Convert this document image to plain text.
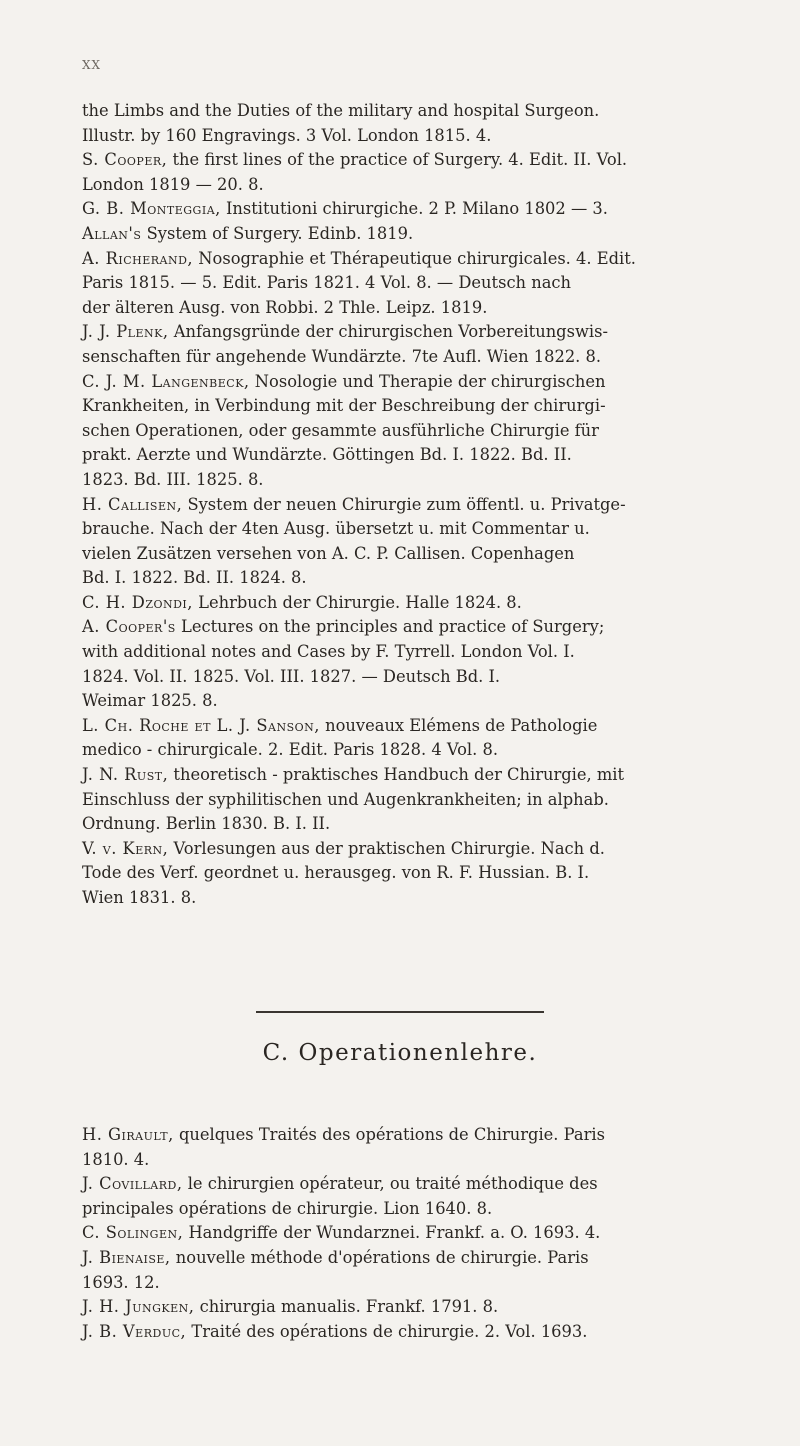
XX

the Limbs and the Duties of the military and hospital Surgeon.
Illustr. by 160 Engravings. 3 Vol. London 1815. 4.

S. Cooper, the first lines of the practice of Surgery. 4. Edit. II. Vol.
London 1819 — 20. 8.

G. B. Monteggia, Institutioni chirurgiche. 2 P. Milano 1802 — 3.

Allan's System of Surgery. Edinb. 1819.

A. Richerand, Nosographie et Thérapeutique chirurgicales. 4. Edit.
Paris 1815. — 5. Edit. Paris 1821. 4 Vol. 8. — Deutsch nach
der älteren Ausg. von Robbi. 2 Thle. Leipz. 1819.

J. J. Plenk, Anfangsgründe der chirurgischen Vorbereitungswis-
senschaften für angehende Wundärzte. 7te Aufl. Wien 1822. 8.

C. J. M. Langenbeck, Nosologie und Therapie der chirurgischen
Krankheiten, in Verbindung mit der Beschreibung der chirurgi-
schen Operationen, oder gesammte ausführliche Chirurgie für
prakt. Aerzte und Wundärzte. Göttingen Bd. I. 1822. Bd. II.
1823. Bd. III. 1825. 8.

H. Callisen, System der neuen Chirurgie zum öffentl. u. Privatge-
brauche. Nach der 4ten Ausg. übersetzt u. mit Commentar u.
vielen Zusätzen versehen von A. C. P. Callisen. Copenhagen
Bd. I. 1822. Bd. II. 1824. 8.

C. H. Dzondi, Lehrbuch der Chirurgie. Halle 1824. 8.

A. Cooper's Lectures on the principles and practice of Surgery;
with additional notes and Cases by F. Tyrrell. London Vol. I.
1824. Vol. II. 1825. Vol. III. 1827. — Deutsch Bd. I.
Weimar 1825. 8.

L. Ch. Roche et L. J. Sanson, nouveaux Elémens de Pathologie
medico - chirurgicale. 2. Edit. Paris 1828. 4 Vol. 8.

J. N. Rust, theoretisch - praktisches Handbuch der Chirurgie, mit
Einschluss der syphilitischen und Augenkrankheiten; in alphab.
Ordnung. Berlin 1830. B. I. II.

V. v. Kern, Vorlesungen aus der praktischen Chirurgie. Nach d.
Tode des Verf. geordnet u. herausgeg. von R. F. Hussian. B. I.
Wien 1831. 8.

C. Operationenlehre.

H. Girault, quelques Traités des opérations de Chirurgie. Paris
1810. 4.

J. Covillard, le chirurgien opérateur, ou traité méthodique des
principales opérations de chirurgie. Lion 1640. 8.

C. Solingen, Handgriffe der Wundarznei. Frankf. a. O. 1693. 4.

J. Bienaise, nouvelle méthode d'opérations de chirurgie. Paris
1693. 12.

J. H. Jungken, chirurgia manualis. Frankf. 1791. 8.

J. B. Verduc, Traité des opérations de chirurgie. 2. Vol. 1693.
